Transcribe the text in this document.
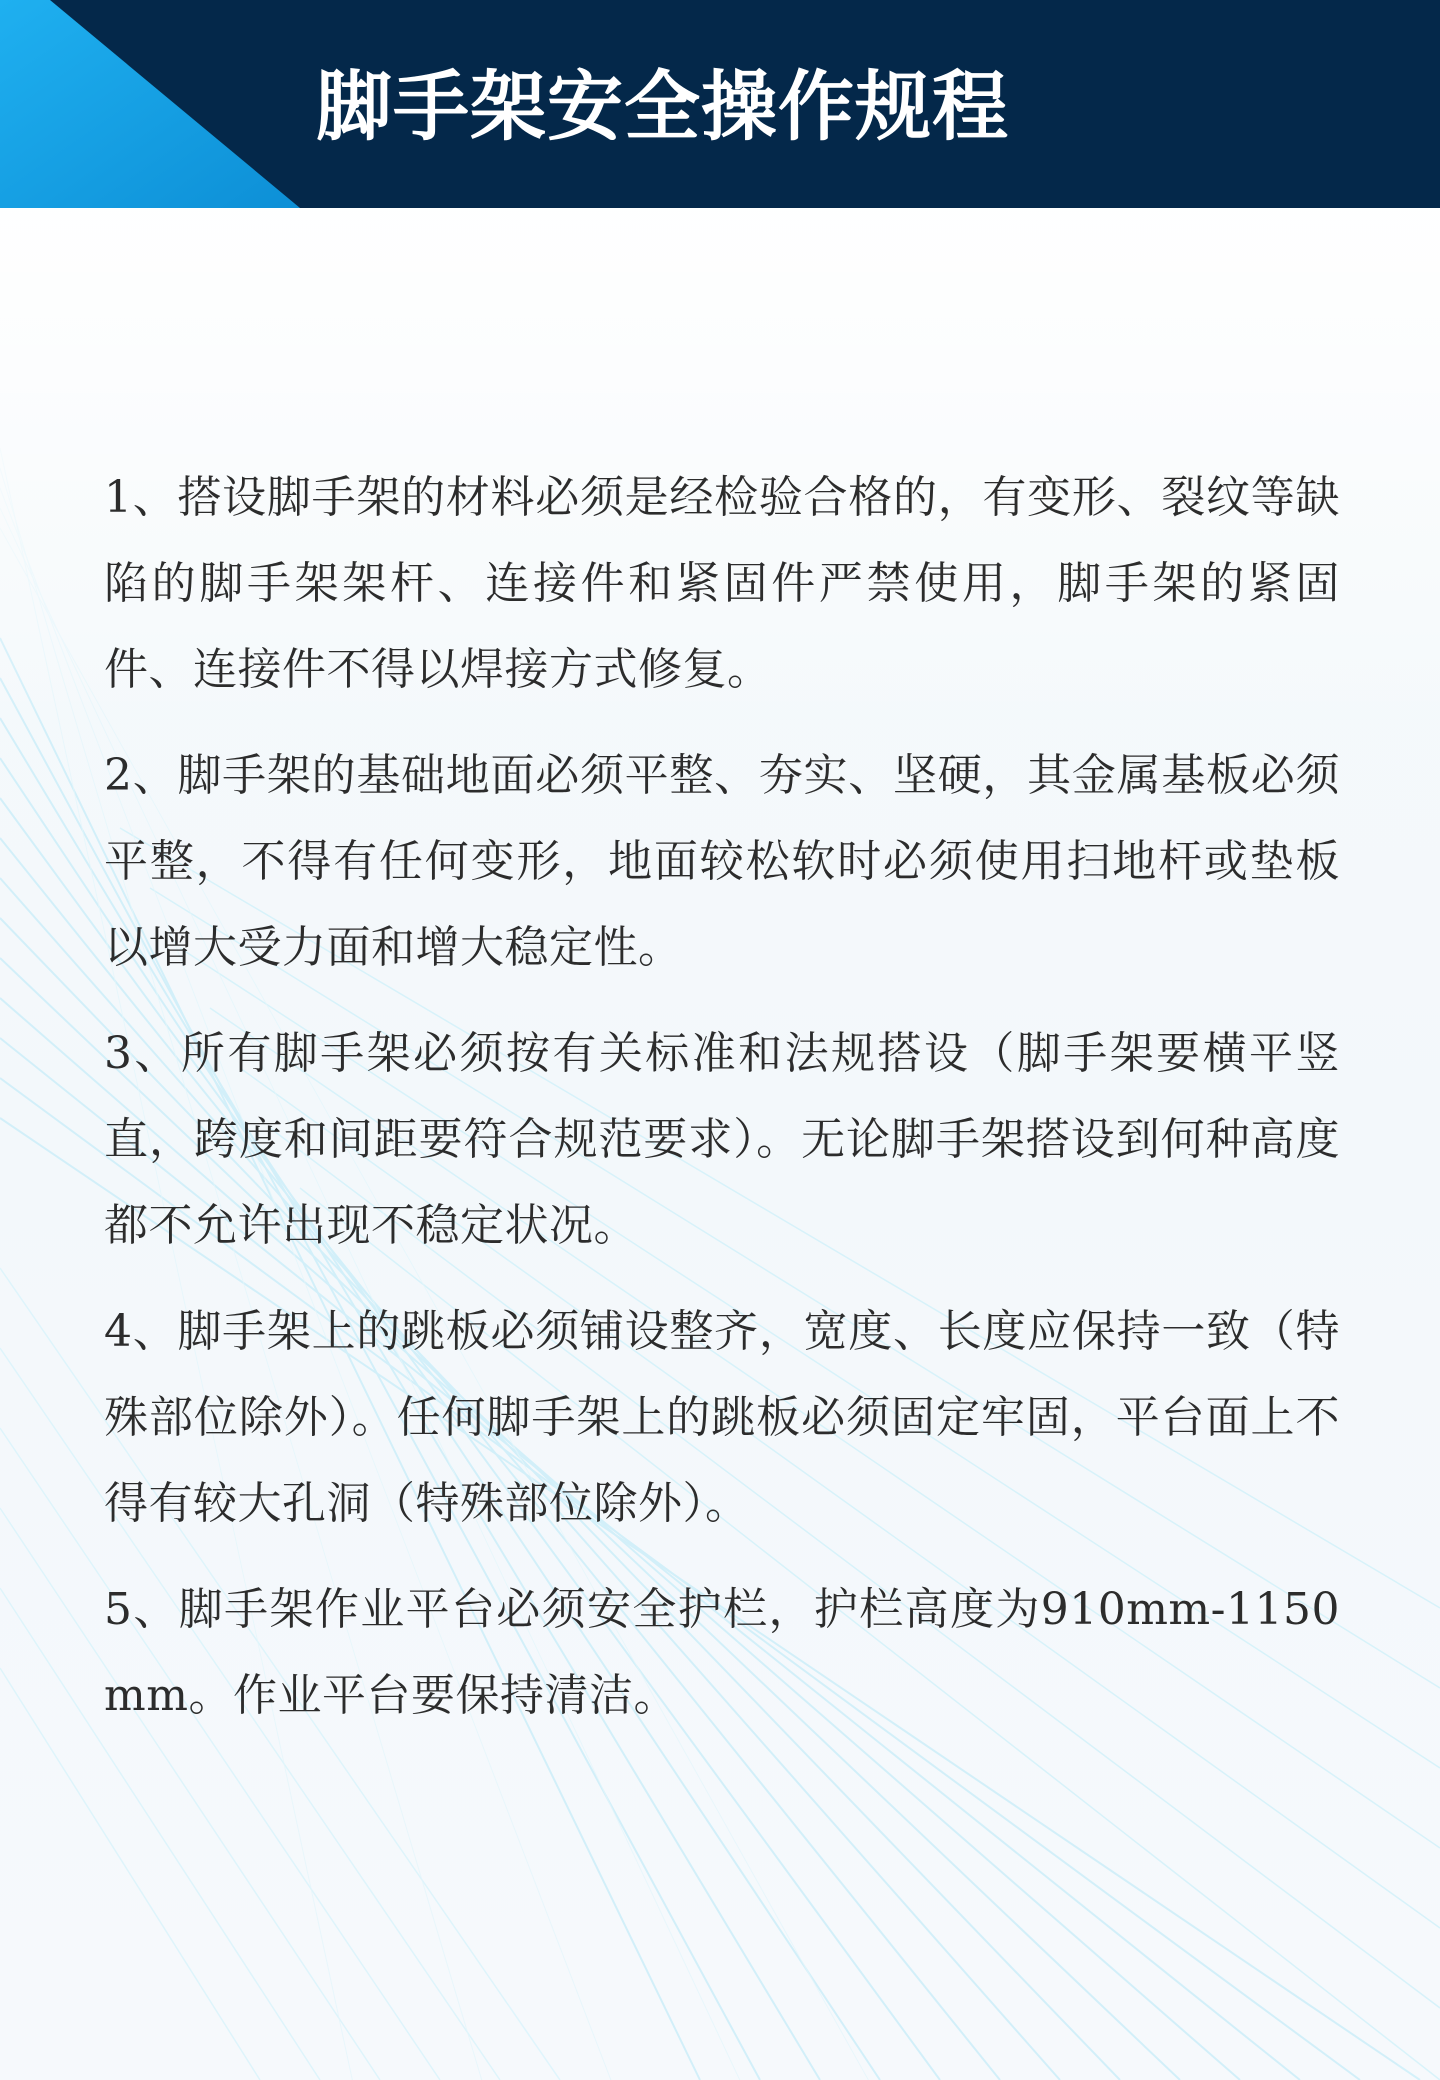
脚手架安全操作规程

1、搭设脚手架的材料必须是经检验合格的，有变形、裂纹等缺陷的脚手架架杆、连接件和紧固件严禁使用，脚手架的紧固件、连接件不得以焊接方式修复。

2、脚手架的基础地面必须平整、夯实、坚硬，其金属基板必须平整，不得有任何变形，地面较松软时必须使用扫地杆或垫板以增大受力面和增大稳定性。

3、所有脚手架必须按有关标准和法规搭设（脚手架要横平竖直，跨度和间距要符合规范要求）。无论脚手架搭设到何种高度都不允许出现不稳定状况。

4、脚手架上的跳板必须铺设整齐，宽度、长度应保持一致（特殊部位除外）。任何脚手架上的跳板必须固定牢固，平台面上不得有较大孔洞（特殊部位除外）。

5、脚手架作业平台必须安全护栏，护栏高度为910mm-1150mm。作业平台要保持清洁。
